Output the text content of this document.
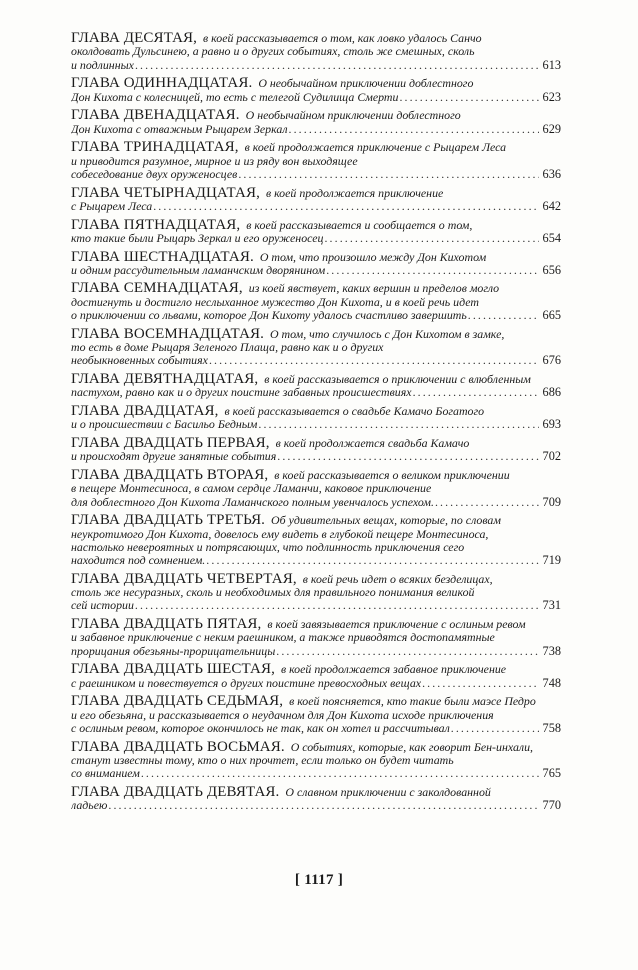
ГЛАВА ДЕСЯТАЯ, в коей рассказывается о том, как ловко удалось Санчо
околдовать Дульсинею, а равно и о других событиях, столь же смешных, сколь
и подлинных .....	613
ГЛАВА ОДИННАДЦАТАЯ. О необычайном приключении доблестного
Дон Кихота с колесницей, то есть с телегой Судилища Смерти .....	623
ГЛАВА ДВЕНАДЦАТАЯ. О необычайном приключении доблестного
Дон Кихота с отважным Рыцарем Зеркал .....	629
ГЛАВА ТРИНАДЦАТАЯ, в коей продолжается приключение с Рыцарем Леса
и приводится разумное, мирное и из ряду вон выходящее
собеседование двух оруженосцев .....	636
ГЛАВА ЧЕТЫРНАДЦАТАЯ, в коей продолжается приключение
с Рыцарем Леса .....	642
ГЛАВА ПЯТНАДЦАТАЯ, в коей рассказывается и сообщается о том,
кто такие были Рыцарь Зеркал и его оруженосец .....	654
ГЛАВА ШЕСТНАДЦАТАЯ. О том, что произошло между Дон Кихотом
и одним рассудительным ламанчским дворянином .....	656
ГЛАВА СЕМНАДЦАТАЯ, из коей явствует, каких вершин и пределов могло
достигнуть и достигло неслыханное мужество Дон Кихота, и в коей речь идет
о приключении со львами, которое Дон Кихоту удалось счастливо завершить .....	665
ГЛАВА ВОСЕМНАДЦАТАЯ. О том, что случилось с Дон Кихотом в замке,
то есть в доме Рыцаря Зеленого Плаща, равно как и о других
необыкновенных событиях .....	676
ГЛАВА ДЕВЯТНАДЦАТАЯ, в коей рассказывается о приключении с влюбленным
пастухом, равно как и о других поистине забавных происшествиях .....	686
ГЛАВА ДВАДЦАТАЯ, в коей рассказывается о свадьбе Камачо Богатого
и о происшествии с Басильо Бедным .....	693
ГЛАВА ДВАДЦАТЬ ПЕРВАЯ, в коей продолжается свадьба Камачо
и происходят другие занятные события .....	702
ГЛАВА ДВАДЦАТЬ ВТОРАЯ, в коей рассказывается о великом приключении
в пещере Монтесиноса, в самом сердце Ламанчи, каковое приключение
для доблестного Дон Кихота Ламанчского полным увенчалось успехом. .....	709
ГЛАВА ДВАДЦАТЬ ТРЕТЬЯ. Об удивительных вещах, которые, по словам
неукротимого Дон Кихота, довелось ему видеть в глубокой пещере Монтесиноса,
настолько невероятных и потрясающих, что подлинность приключения сего
находится под сомнением. .....	719
ГЛАВА ДВАДЦАТЬ ЧЕТВЕРТАЯ, в коей речь идет о всяких безделицах,
столь же несуразных, сколь и необходимых для правильного понимания великой
сей истории .....	731
ГЛАВА ДВАДЦАТЬ ПЯТАЯ, в коей завязывается приключение с ослиным ревом
и забавное приключение с неким раешником, а также приводятся достопамятные
прорицания обезьяны-прорицательницы .....	738
ГЛАВА ДВАДЦАТЬ ШЕСТАЯ, в коей продолжается забавное приключение
с раешником и повествуется о других поистине превосходных вещах .....	748
ГЛАВА ДВАДЦАТЬ СЕДЬМАЯ, в коей поясняется, кто такие были маэсе Педро
и его обезьяна, и рассказывается о неудачном для Дон Кихота исходе приключения
с ослиным ревом, которое окончилось не так, как он хотел и рассчитывал .....	758
ГЛАВА ДВАДЦАТЬ ВОСЬМАЯ. О событиях, которые, как говорит Бен-инхали,
станут известны тому, кто о них прочтет, если только он будет читать
со вниманием .....	765
ГЛАВА ДВАДЦАТЬ ДЕВЯТАЯ. О славном приключении с заколдованной
ладьею .....	770
[ 1117 ]
